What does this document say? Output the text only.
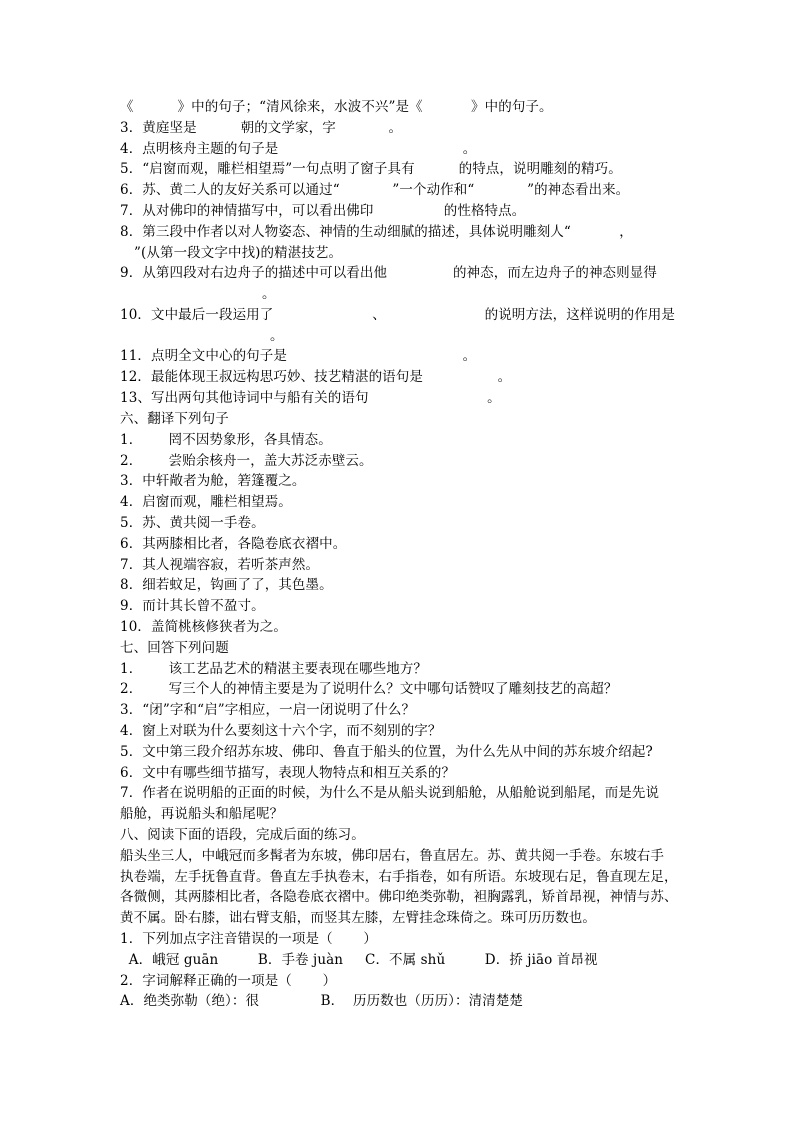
《          》中的句子；“清风徐来，水波不兴”是《           》中的句子。
3．黄庭坚是          朝的文学家，字            。
4．点明核舟主题的句子是                                          。
5．“启窗而观，雕栏相望焉”一句点明了窗子具有          的特点，说明雕刻的精巧。
6．苏、黄二人的友好关系可以通过“            ”一个动作和“            ”的神态看出来。
7．从对佛印的神情描写中，可以看出佛印                的性格特点。
8．第三段中作者以对人物姿态、神情的生动细腻的描述，具体说明雕刻人“           ，
”(从第一段文字中找)的精湛技艺。
9．从第四段对右边舟子的描述中可以看出他               的神态，而左边舟子的神态则显得
。
10．文中最后一段运用了	、	的说明方法，这样说明的作用是
。
11．点明全文中心的句子是                                        。
12．最能体现王叔远构思巧妙、技艺精湛的语句是                 。
13、写出两句其他诗词中与船有关的语句                           。
六、翻译下列句子
1．      罔不因势象形，各具情态。
2．      尝贻余核舟一，盖大苏泛赤壁云。
3．中轩敞者为舱，箬篷覆之。
4．启窗而观，雕栏相望焉。
5．苏、黄共阅一手卷。
6．其两膝相比者，各隐卷底衣褶中。
7．其人视端容寂，若听茶声然。
8．细若蚊足，钩画了了，其色墨。
9．而计其长曾不盈寸。
10．盖简桃核修狭者为之。
七、回答下列问题
1．      该工艺品艺术的精湛主要表现在哪些地方？
2．      写三个人的神情主要是为了说明什么？文中哪句话赞叹了雕刻技艺的高超？
3．“闭”字和“启”字相应，一启一闭说明了什么？
4．窗上对联为什么要刻这十六个字，而不刻别的字？
5．文中第三段介绍苏东坡、佛印、鲁直于船头的位置，为什么先从中间的苏东坡介绍起?
6．文中有哪些细节描写，表现人物特点和相互关系的？
7．作者在说明船的正面的时候，为什么不是从船头说到船舱，从船舱说到船尾，而是先说
船舱，再说船头和船尾呢？
八、阅读下面的语段，完成后面的练习。
船头坐三人，中峨冠而多髯者为东坡，佛印居右，鲁直居左。苏、黄共阅一手卷。东坡右手
执卷端，左手抚鲁直背。鲁直左手执卷末，右手指卷，如有所语。东坡现右足，鲁直现左足，
各微侧，其两膝相比者，各隐卷底衣褶中。佛印绝类弥勒，袒胸露乳，矫首昂视，神情与苏、
黄不属。卧右膝，诎右臂支船，而竖其左膝，左臂挂念珠倚之。珠可历历数也。
1．下列加点字注音错误的一项是（       ）
A．峨冠 guān         B．手卷 juàn     C．不属 shǔ         D．挢 jiāo 首昂视
2．字词解释正确的一项是（       ）
A．绝类弥勒（绝）：很              B．  历历数也（历历）：清清楚楚
